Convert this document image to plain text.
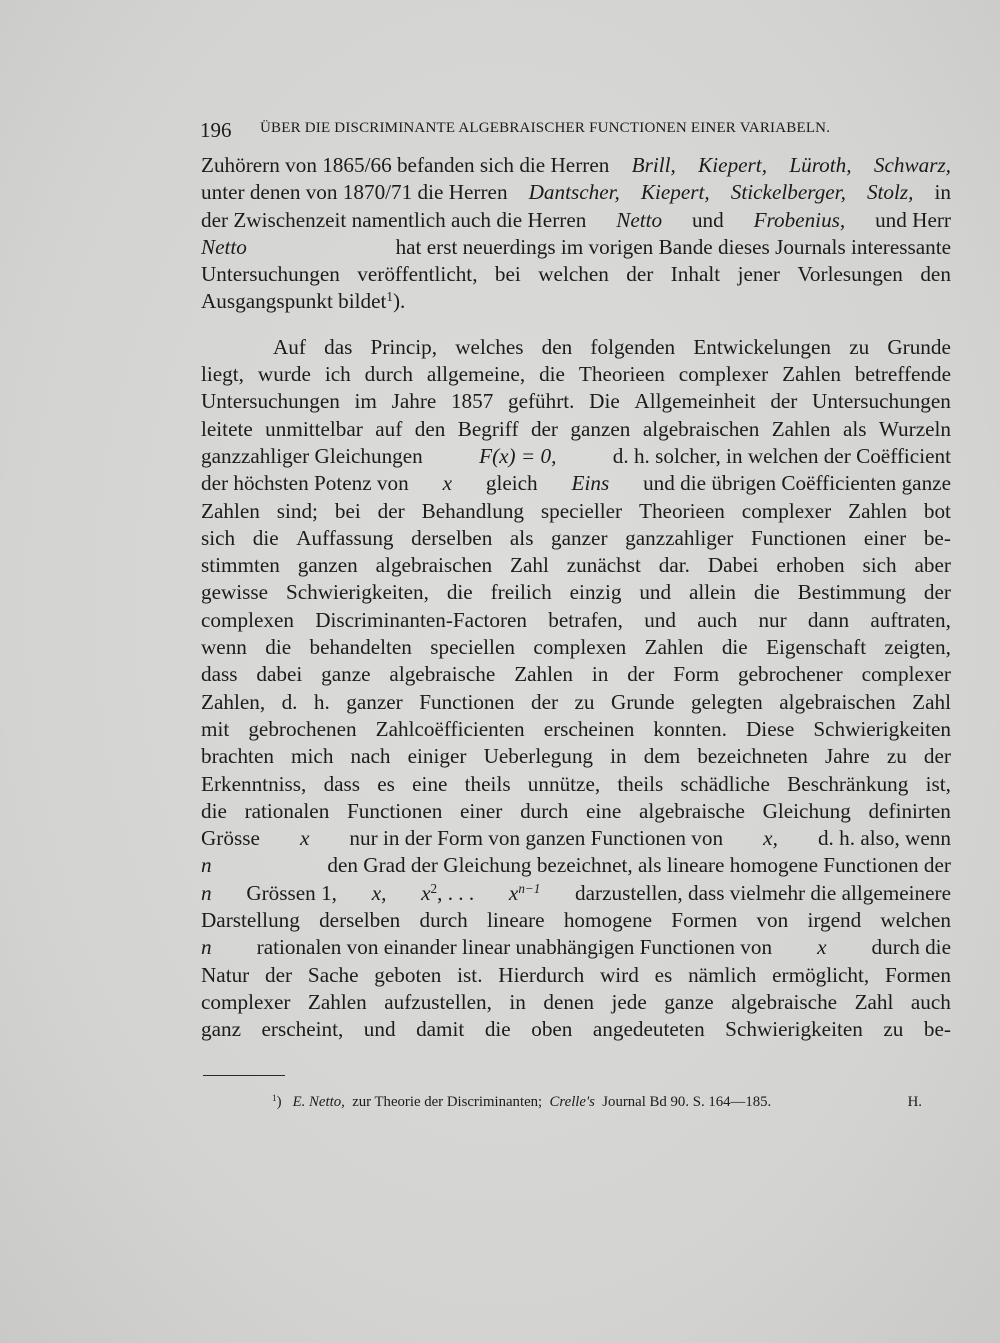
196 ÜBER DIE DISCRIMINANTE ALGEBRAISCHER FUNCTIONEN EINER VARIABELN.
Zuhörern von 1865/66 befanden sich die Herren Brill, Kiepert, Lüroth, Schwarz,
unter denen von 1870/71 die Herren Dantscher, Kiepert, Stickelberger, Stolz, in
der Zwischenzeit namentlich auch die Herren Netto und Frobenius, und Herr
Netto	hat erst neuerdings im vorigen Bande dieses Journals interessante
Untersuchungen veröffentlicht, bei welchen der Inhalt jener Vorlesungen den
Ausgangspunkt bildet$^1$).
Auf das Princip, welches den folgenden Entwickelungen zu Grunde
liegt, wurde ich durch allgemeine, die Theorieen complexer Zahlen betreffende
Untersuchungen im Jahre 1857 geführt. Die Allgemeinheit der Untersuchungen
leitete unmittelbar auf den Begriff der ganzen algebraischen Zahlen als Wurzeln
ganzzahliger Gleichungen	F(x) = 0,	d. h. solcher, in welchen der Coëfficient
der höchsten Potenz von x gleich Eins und die übrigen Coëfficienten ganze
Zahlen sind; bei der Behandlung specieller Theorieen complexer Zahlen bot
sich die Auffassung derselben als ganzer ganzzahliger Functionen einer be-
stimmten ganzen algebraischen Zahl zunächst dar. Dabei erhoben sich aber
gewisse Schwierigkeiten, die freilich einzig und allein die Bestimmung der
complexen Discriminanten-Factoren betrafen, und auch nur dann auftraten,
wenn die behandelten speciellen complexen Zahlen die Eigenschaft zeigten,
dass dabei ganze algebraische Zahlen in der Form gebrochener complexer
Zahlen, d. h. ganzer Functionen der zu Grunde gelegten algebraischen Zahl
mit gebrochenen Zahlcoëfficienten erscheinen konnten. Diese Schwierigkeiten
brachten mich nach einiger Ueberlegung in dem bezeichneten Jahre zu der
Erkenntniss, dass es eine theils unnütze, theils schädliche Beschränkung ist,
die rationalen Functionen einer durch eine algebraische Gleichung definirten
Grösse x nur in der Form von ganzen Functionen von x, d. h. also, wenn
n	den Grad der Gleichung bezeichnet, als lineare homogene Functionen der
n Grössen 1, x, $x^2$, . . . $x^{n-1}$ darzustellen, dass vielmehr die allgemeinere
Darstellung derselben durch lineare homogene Formen von irgend welchen
n rationalen von einander linear unabhängigen Functionen von x durch die
Natur der Sache geboten ist. Hierdurch wird es nämlich ermöglicht, Formen
complexer Zahlen aufzustellen, in denen jede ganze algebraische Zahl auch
ganz erscheint, und damit die oben angedeuteten Schwierigkeiten zu be-
$^1$) E. Netto, zur Theorie der Discriminanten; Crelle's Journal Bd 90. S. 164—185.	H.
